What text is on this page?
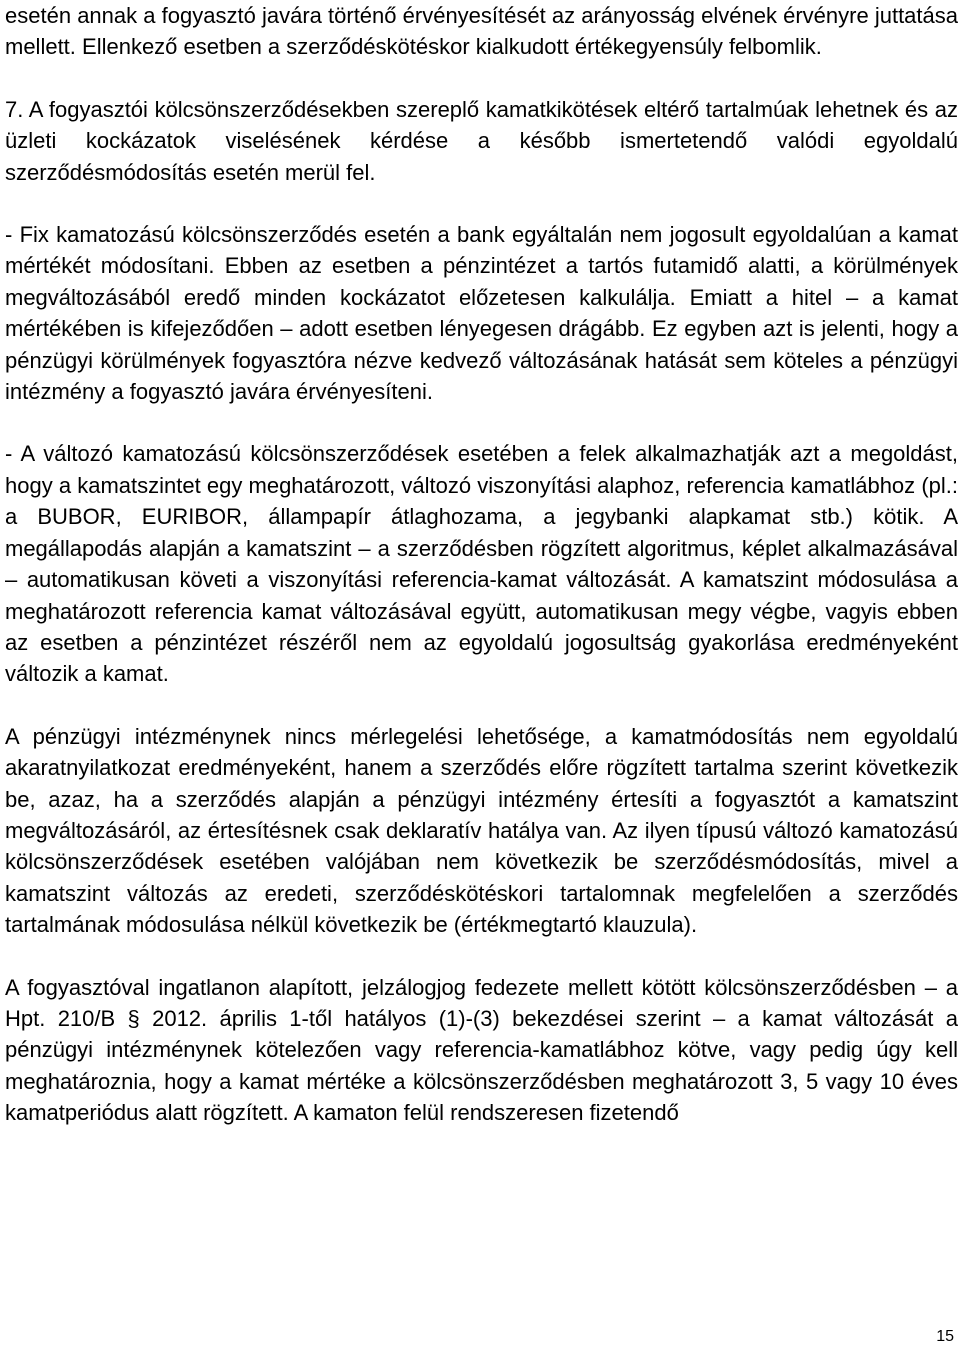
esetén annak a fogyasztó javára történő érvényesítését az arányosság elvének érvényre juttatása mellett. Ellenkező esetben a szerződéskötéskor kialkudott értékegyensúly felbomlik.

7. A fogyasztói kölcsönszerződésekben szereplő kamatkikötések eltérő tartalmúak lehetnek és az üzleti kockázatok viselésének kérdése a később ismertetendő valódi egyoldalú szerződésmódosítás esetén merül fel.

- Fix kamatozású kölcsönszerződés esetén a bank egyáltalán nem jogosult egyoldalúan a kamat mértékét módosítani. Ebben az esetben a pénzintézet a tartós futamidő alatti, a körülmények megváltozásából eredő minden kockázatot előzetesen kalkulálja. Emiatt a hitel – a kamat mértékében is kifejeződően – adott esetben lényegesen drágább. Ez egyben azt is jelenti, hogy a pénzügyi körülmények fogyasztóra nézve kedvező változásának hatását sem köteles a pénzügyi intézmény a fogyasztó javára érvényesíteni.

- A változó kamatozású kölcsönszerződések esetében a felek alkalmazhatják azt a megoldást, hogy a kamatszintet egy meghatározott, változó viszonyítási alaphoz, referencia kamatlábhoz (pl.: a BUBOR, EURIBOR, állampapír átlaghozama, a jegybanki alapkamat stb.) kötik. A megállapodás alapján a kamatszint – a szerződésben rögzített algoritmus, képlet alkalmazásával – automatikusan követi a viszonyítási referencia-kamat változását. A kamatszint módosulása a meghatározott referencia kamat változásával együtt, automatikusan megy végbe, vagyis ebben az esetben a pénzintézet részéről nem az egyoldalú jogosultság gyakorlása eredményeként változik a kamat.

A pénzügyi intézménynek nincs mérlegelési lehetősége, a kamatmódosítás nem egyoldalú akaratnyilatkozat eredményeként, hanem a szerződés előre rögzített tartalma szerint következik be, azaz, ha a szerződés alapján a pénzügyi intézmény értesíti a fogyasztót a kamatszint megváltozásáról, az értesítésnek csak deklaratív hatálya van. Az ilyen típusú változó kamatozású kölcsönszerződések esetében valójában nem következik be szerződésmódosítás, mivel a kamatszint változás az eredeti, szerződéskötéskori tartalomnak megfelelően a szerződés tartalmának módosulása nélkül következik be (értékmegtartó klauzula).

A fogyasztóval ingatlanon alapított, jelzálogjog fedezete mellett kötött kölcsönszerződésben – a Hpt. 210/B § 2012. április 1-től hatályos (1)-(3) bekezdései szerint – a kamat változását a pénzügyi intézménynek kötelezően vagy referencia-kamatlábhoz kötve, vagy pedig úgy kell meghatároznia, hogy a kamat mértéke a kölcsönszerződésben meghatározott 3, 5 vagy 10 éves kamatperiódus alatt rögzített. A kamaton felül rendszeresen fizetendő

15
